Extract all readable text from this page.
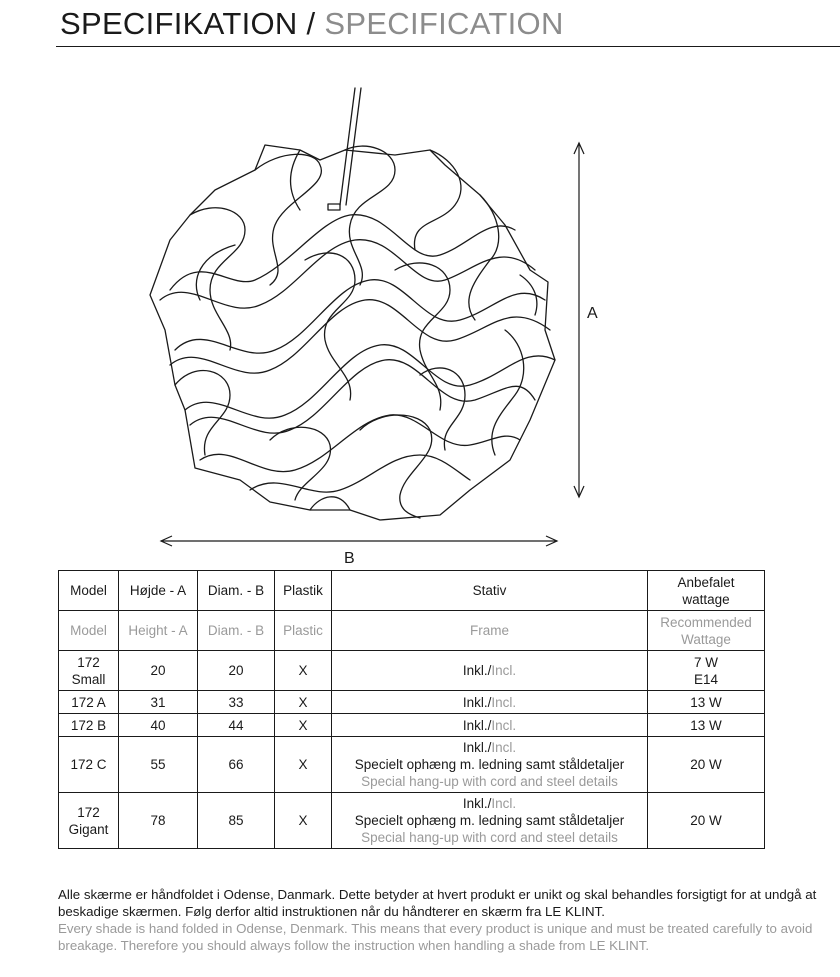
SPECIFIKATION / SPECIFICATION
A
B
Model	Højde - A	Diam. - B	Plastik	Stativ	Anbefalet
wattage
Model	Height - A	Diam. - B	Plastic	Frame	Recommended
Wattage
172
Small	20	20	X	Inkl./Incl.	7 W
E14
172 A	31	33	X	Inkl./Incl.	13 W
172 B	40	44	X	Inkl./Incl.	13 W
172 C	55	66	X	Inkl./Incl.
Specielt ophæng m. ledning samt ståldetaljer
Special hang-up with cord and steel details	20 W
172
Gigant	78	85	X	Inkl./Incl.
Specielt ophæng m. ledning samt ståldetaljer
Special hang-up with cord and steel details	20 W
Alle skærme er håndfoldet i Odense, Danmark. Dette betyder at hvert produkt er unikt og skal behandles forsigtigt for at undgå at beskadige skærmen. Følg derfor altid instruktionen når du håndterer en skærm fra LE KLINT.
Every shade is hand folded in Odense, Denmark. This means that every product is unique and must be treated carefully to avoid breakage. Therefore you should always follow the instruction when handling a shade from LE KLINT.
